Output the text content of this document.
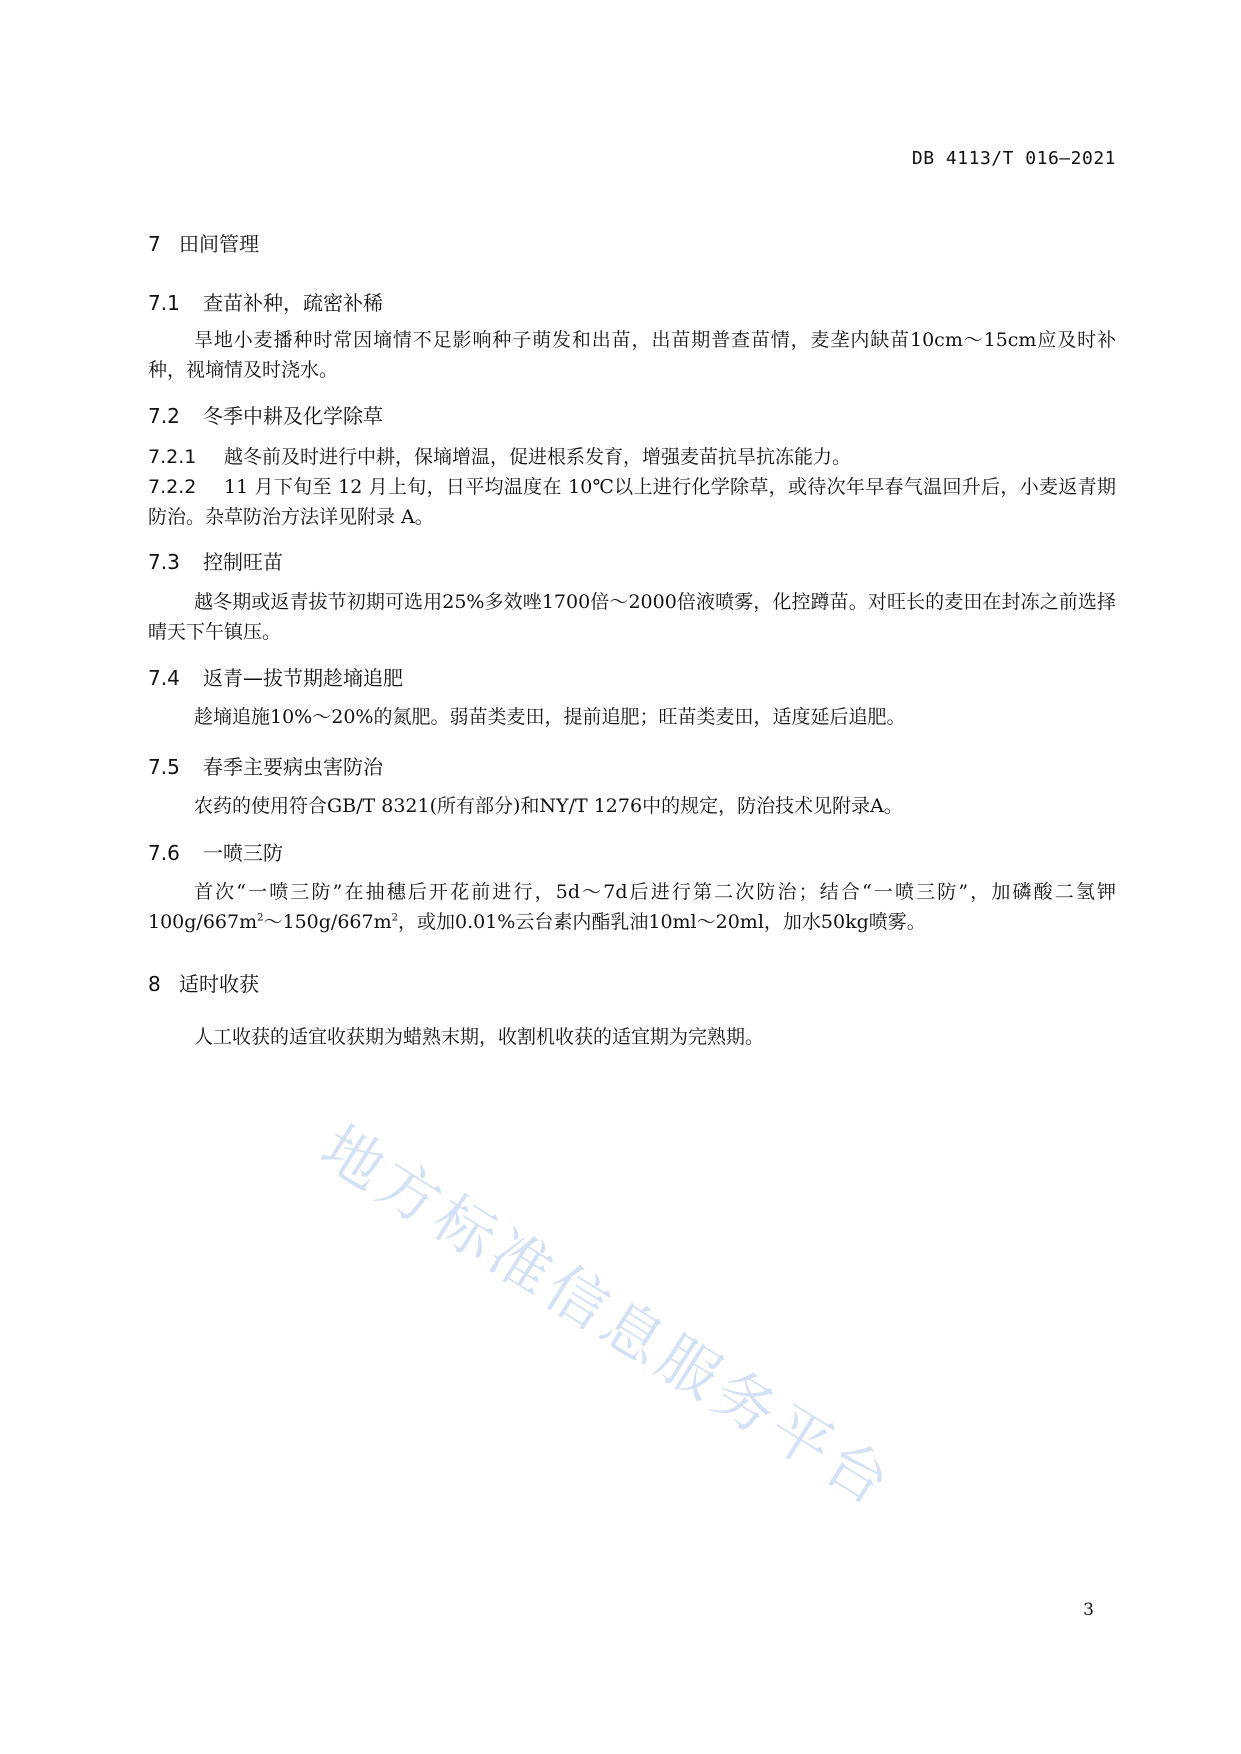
DB 4113/T 016—2021
7 田间管理
7.1 查苗补种，疏密补稀
旱地小麦播种时常因墒情不足影响种子萌发和出苗，出苗期普查苗情，麦垄内缺苗10cm～15cm应及时补种，视墒情及时浇水。
7.2 冬季中耕及化学除草
7.2.1 越冬前及时进行中耕，保墒增温，促进根系发育，增强麦苗抗旱抗冻能力。
7.2.2 11 月下旬至 12 月上旬，日平均温度在 10℃以上进行化学除草，或待次年早春气温回升后，小麦返青期防治。杂草防治方法详见附录 A。
7.3 控制旺苗
越冬期或返青拔节初期可选用25%多效唑1700倍～2000倍液喷雾，化控蹲苗。对旺长的麦田在封冻之前选择晴天下午镇压。
7.4 返青—拔节期趁墒追肥
趁墒追施10%～20%的氮肥。弱苗类麦田，提前追肥；旺苗类麦田，适度延后追肥。
7.5 春季主要病虫害防治
农药的使用符合GB/T 8321(所有部分)和NY/T 1276中的规定，防治技术见附录A。
7.6 一喷三防
首次“一喷三防”在抽穗后开花前进行，5d～7d后进行第二次防治；结合“一喷三防”，加磷酸二氢钾$100g/667m^2\sim 150g/667m^2$，或加0.01%云台素内酯乳油10ml～20ml，加水50kg喷雾。
8 适时收获
人工收获的适宜收获期为蜡熟末期，收割机收获的适宜期为完熟期。
地方标准信息服务平台
3
